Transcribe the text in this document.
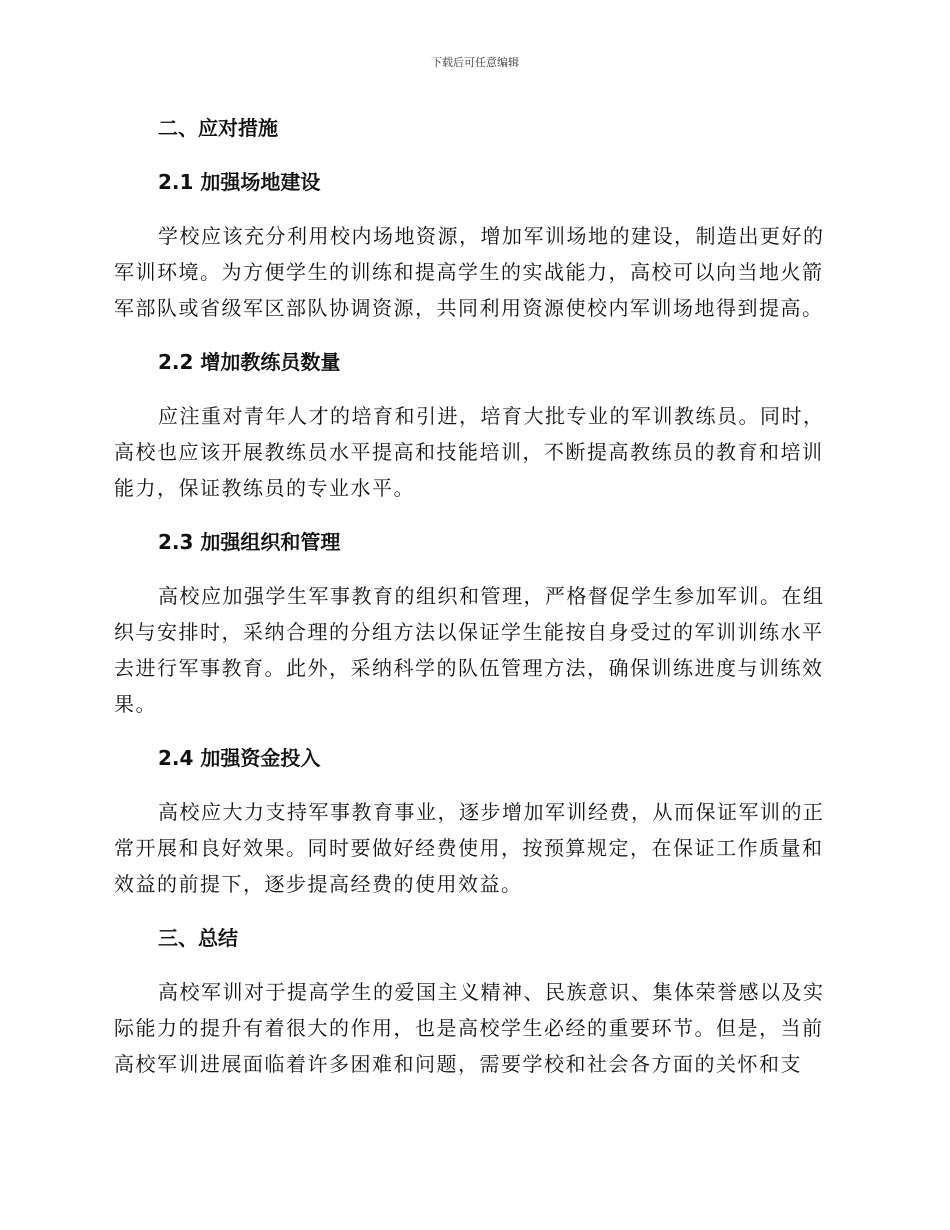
下载后可任意编辑
二、应对措施
2.1 加强场地建设
学校应该充分利用校内场地资源，增加军训场地的建设，制造出更好的
军训环境。为方便学生的训练和提高学生的实战能力，高校可以向当地火箭
军部队或省级军区部队协调资源，共同利用资源使校内军训场地得到提高。
2.2 增加教练员数量
应注重对青年人才的培育和引进，培育大批专业的军训教练员。同时，
高校也应该开展教练员水平提高和技能培训，不断提高教练员的教育和培训
能力，保证教练员的专业水平。
2.3 加强组织和管理
高校应加强学生军事教育的组织和管理，严格督促学生参加军训。在组
织与安排时，采纳合理的分组方法以保证学生能按自身受过的军训训练水平
去进行军事教育。此外，采纳科学的队伍管理方法，确保训练进度与训练效
果。
2.4 加强资金投入
高校应大力支持军事教育事业，逐步增加军训经费，从而保证军训的正
常开展和良好效果。同时要做好经费使用，按预算规定，在保证工作质量和
效益的前提下，逐步提高经费的使用效益。
三、总结
高校军训对于提高学生的爱国主义精神、民族意识、集体荣誉感以及实
际能力的提升有着很大的作用，也是高校学生必经的重要环节。但是，当前
高校军训进展面临着许多困难和问题，需要学校和社会各方面的关怀和支
